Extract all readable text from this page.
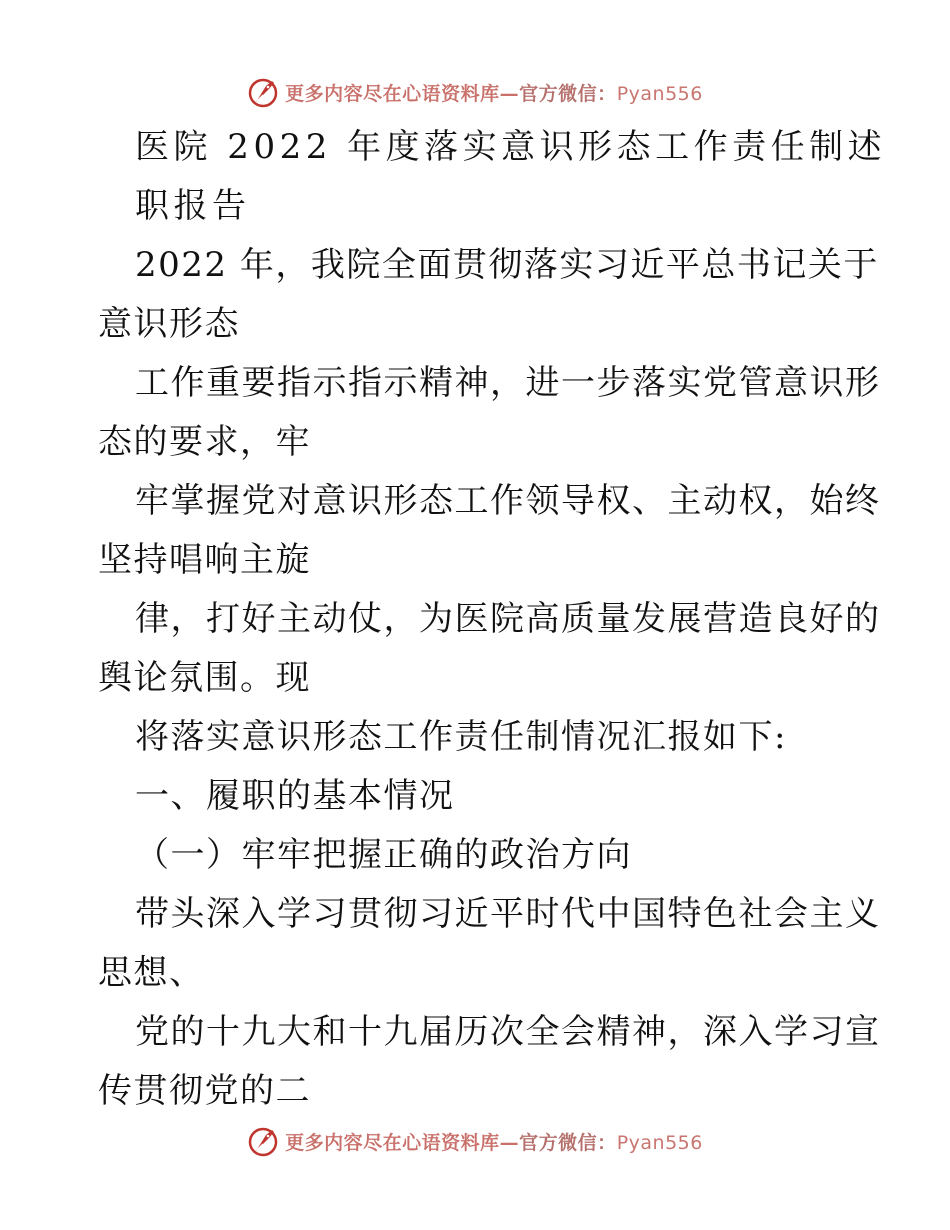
更多内容尽在心语资料库—官方微信：Pyan556
医院 2022 年度落实意识形态工作责任制述
职报告
2022 年，我院全面贯彻落实习近平总书记关于
意识形态
工作重要指示指示精神，进一步落实党管意识形
态的要求，牢
牢掌握党对意识形态工作领导权、主动权，始终
坚持唱响主旋
律，打好主动仗，为医院高质量发展营造良好的
舆论氛围。现
将落实意识形态工作责任制情况汇报如下:
一、履职的基本情况
（一）牢牢把握正确的政治方向
带头深入学习贯彻习近平时代中国特色社会主义
思想、
党的十九大和十九届历次全会精神，深入学习宣
传贯彻党的二
更多内容尽在心语资料库—官方微信：Pyan556
